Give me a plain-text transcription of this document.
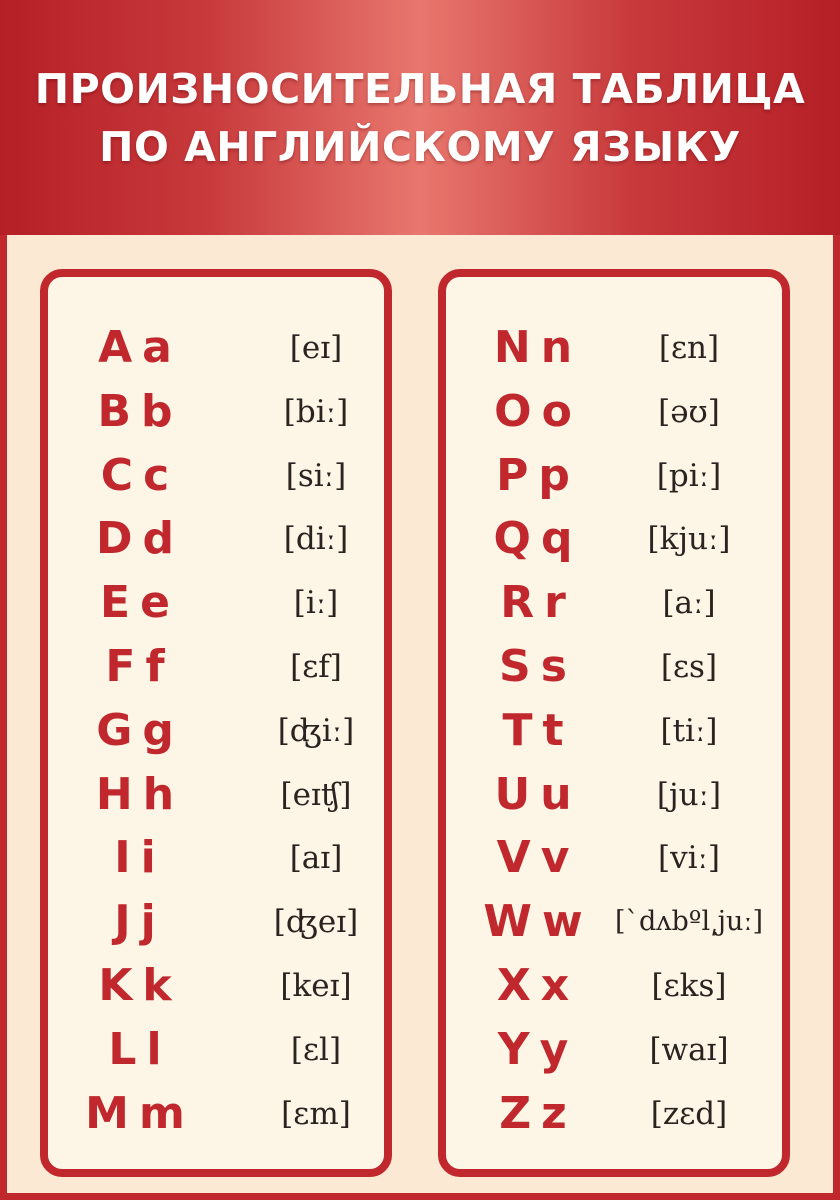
ПРОИЗНОСИТЕЛЬНАЯ ТАБЛИЦА
ПО АНГЛИЙСКОМУ ЯЗЫКУ
A a	[eɪ]
B b	[biː]
C c	[siː]
D d	[diː]
E e	[iː]
F f	[ɛf]
G g	[ʤiː]
H h	[eɪʧ]
I i	[aɪ]
J j	[ʤeɪ]
K k	[keɪ]
L l	[ɛl]
M m	[ɛm]
N n	[ɛn]
O o	[əʊ]
P p	[piː]
Q q	[kjuː]
R r	[aː]
S s	[ɛs]
T t	[tiː]
U u	[juː]
V v	[viː]
W w	[ˋdʌbºl͵juː]
X x	[ɛks]
Y y	[waɪ]
Z z	[zɛd]
